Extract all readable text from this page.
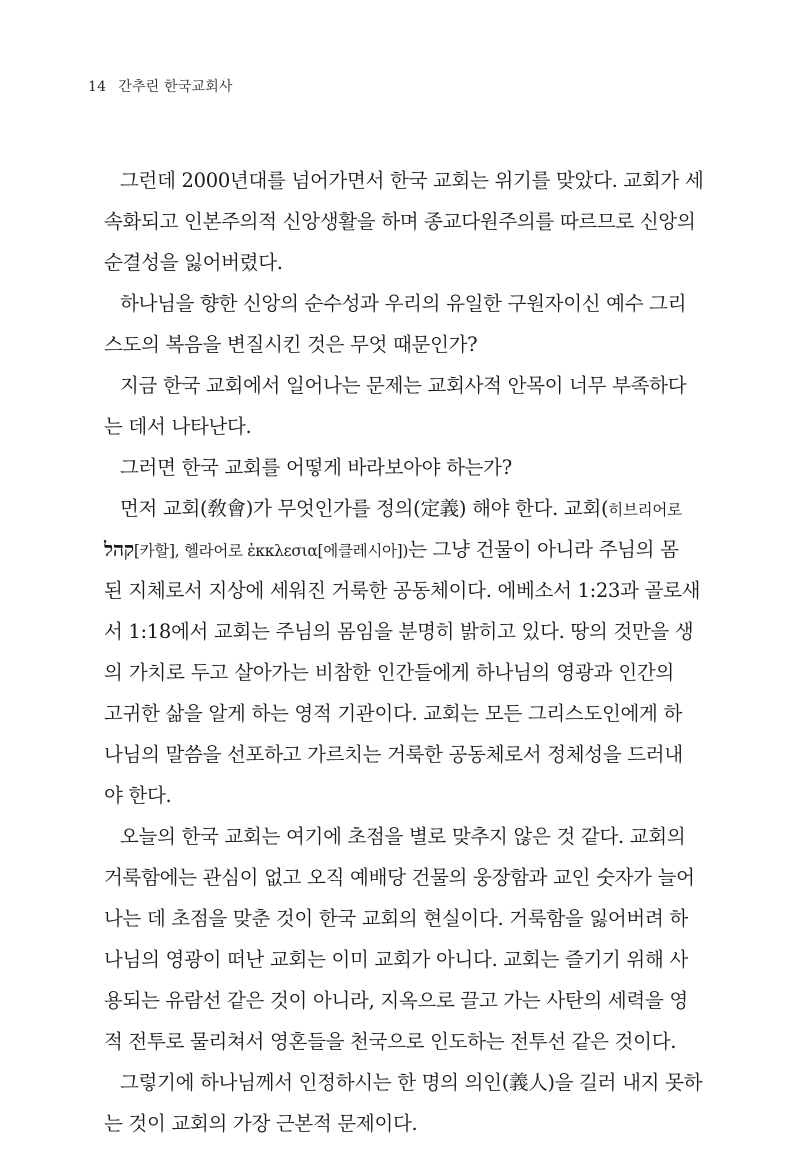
14 간추린 한국교회사
그런데 2000년대를 넘어가면서 한국 교회는 위기를 맞았다. 교회가 세
속화되고 인본주의적 신앙생활을 하며 종교다원주의를 따르므로 신앙의
순결성을 잃어버렸다.
하나님을 향한 신앙의 순수성과 우리의 유일한 구원자이신 예수 그리
스도의 복음을 변질시킨 것은 무엇 때문인가?
지금 한국 교회에서 일어나는 문제는 교회사적 안목이 너무 부족하다
는 데서 나타난다.
그러면 한국 교회를 어떻게 바라보아야 하는가?
먼저 교회(敎會)가 무엇인가를 정의(定義) 해야 한다. 교회(히브리어로
קהל[카할], 헬라어로 ἐκκλεσια[에클레시아])는 그냥 건물이 아니라 주님의 몸
된 지체로서 지상에 세워진 거룩한 공동체이다. 에베소서 1:23과 골로새
서 1:18에서 교회는 주님의 몸임을 분명히 밝히고 있다. 땅의 것만을 생
의 가치로 두고 살아가는 비참한 인간들에게 하나님의 영광과 인간의
고귀한 삶을 알게 하는 영적 기관이다. 교회는 모든 그리스도인에게 하
나님의 말씀을 선포하고 가르치는 거룩한 공동체로서 정체성을 드러내
야 한다.
오늘의 한국 교회는 여기에 초점을 별로 맞추지 않은 것 같다. 교회의
거룩함에는 관심이 없고 오직 예배당 건물의 웅장함과 교인 숫자가 늘어
나는 데 초점을 맞춘 것이 한국 교회의 현실이다. 거룩함을 잃어버려 하
나님의 영광이 떠난 교회는 이미 교회가 아니다. 교회는 즐기기 위해 사
용되는 유람선 같은 것이 아니라, 지옥으로 끌고 가는 사탄의 세력을 영
적 전투로 물리쳐서 영혼들을 천국으로 인도하는 전투선 같은 것이다.
그렇기에 하나님께서 인정하시는 한 명의 의인(義人)을 길러 내지 못하
는 것이 교회의 가장 근본적 문제이다.
